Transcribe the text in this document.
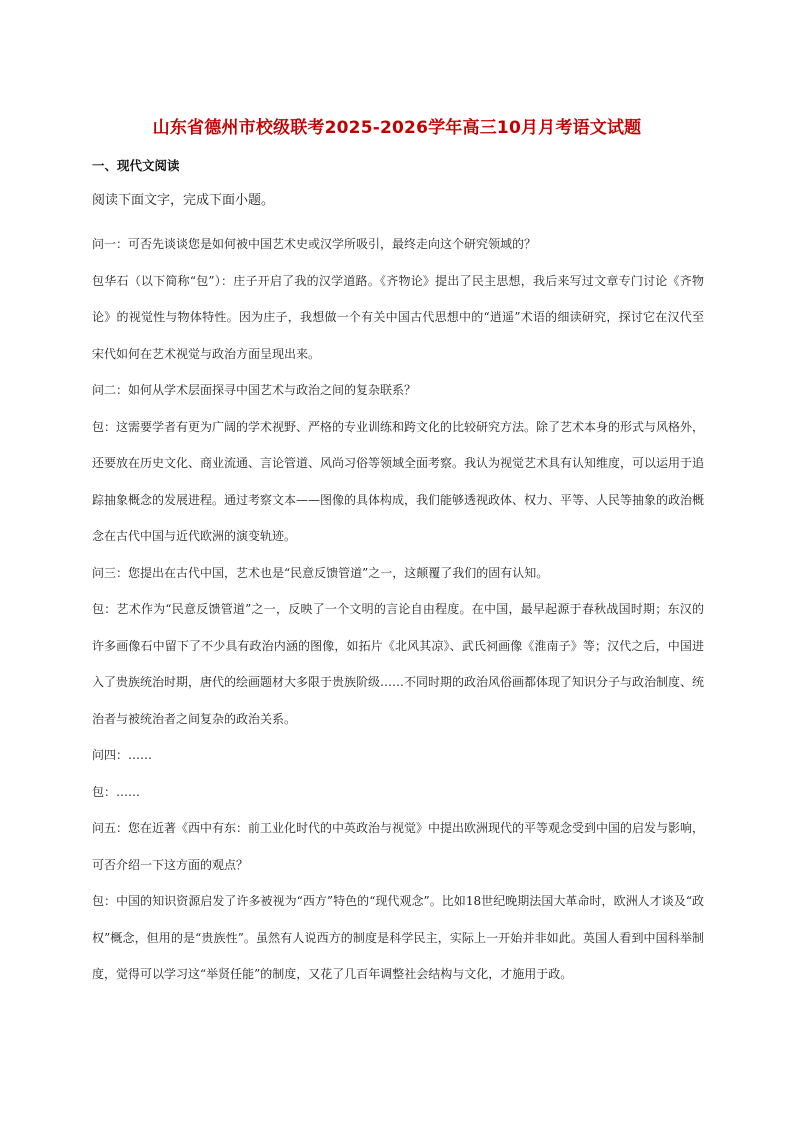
山东省德州市校级联考2025-2026学年高三10月月考语文试题
一、现代文阅读
阅读下面文字，完成下面小题。

问一：可否先谈谈您是如何被中国艺术史或汉学所吸引，最终走向这个研究领域的？

包华石（以下简称“包”）：庄子开启了我的汉学道路。《齐物论》提出了民主思想，我后来写过文章专门讨论《齐物论》的视觉性与物体特性。因为庄子，我想做一个有关中国古代思想中的“逍遥”术语的细读研究，探讨它在汉代至宋代如何在艺术视觉与政治方面呈现出来。

问二：如何从学术层面探寻中国艺术与政治之间的复杂联系？

包：这需要学者有更为广阔的学术视野、严格的专业训练和跨文化的比较研究方法。除了艺术本身的形式与风格外，还要放在历史文化、商业流通、言论管道、风尚习俗等领域全面考察。我认为视觉艺术具有认知维度，可以运用于追踪抽象概念的发展进程。通过考察文本——图像的具体构成，我们能够透视政体、权力、平等、人民等抽象的政治概念在古代中国与近代欧洲的演变轨迹。

问三：您提出在古代中国，艺术也是“民意反馈管道”之一，这颠覆了我们的固有认知。

包：艺术作为“民意反馈管道”之一，反映了一个文明的言论自由程度。在中国，最早起源于春秋战国时期；东汉的许多画像石中留下了不少具有政治内涵的图像，如拓片《北风其凉》、武氏祠画像《淮南子》等；汉代之后，中国进入了贵族统治时期，唐代的绘画题材大多限于贵族阶级……不同时期的政治风俗画都体现了知识分子与政治制度、统治者与被统治者之间复杂的政治关系。

问四：……

包：……

问五：您在近著《西中有东：前工业化时代的中英政治与视觉》中提出欧洲现代的平等观念受到中国的启发与影响，可否介绍一下这方面的观点？

包：中国的知识资源启发了许多被视为“西方”特色的“现代观念”。比如18世纪晚期法国大革命时，欧洲人才谈及“政权”概念，但用的是“贵族性”。虽然有人说西方的制度是科学民主，实际上一开始并非如此。英国人看到中国科举制度，觉得可以学习这“举贤任能”的制度，又花了几百年调整社会结构与文化，才施用于政。
